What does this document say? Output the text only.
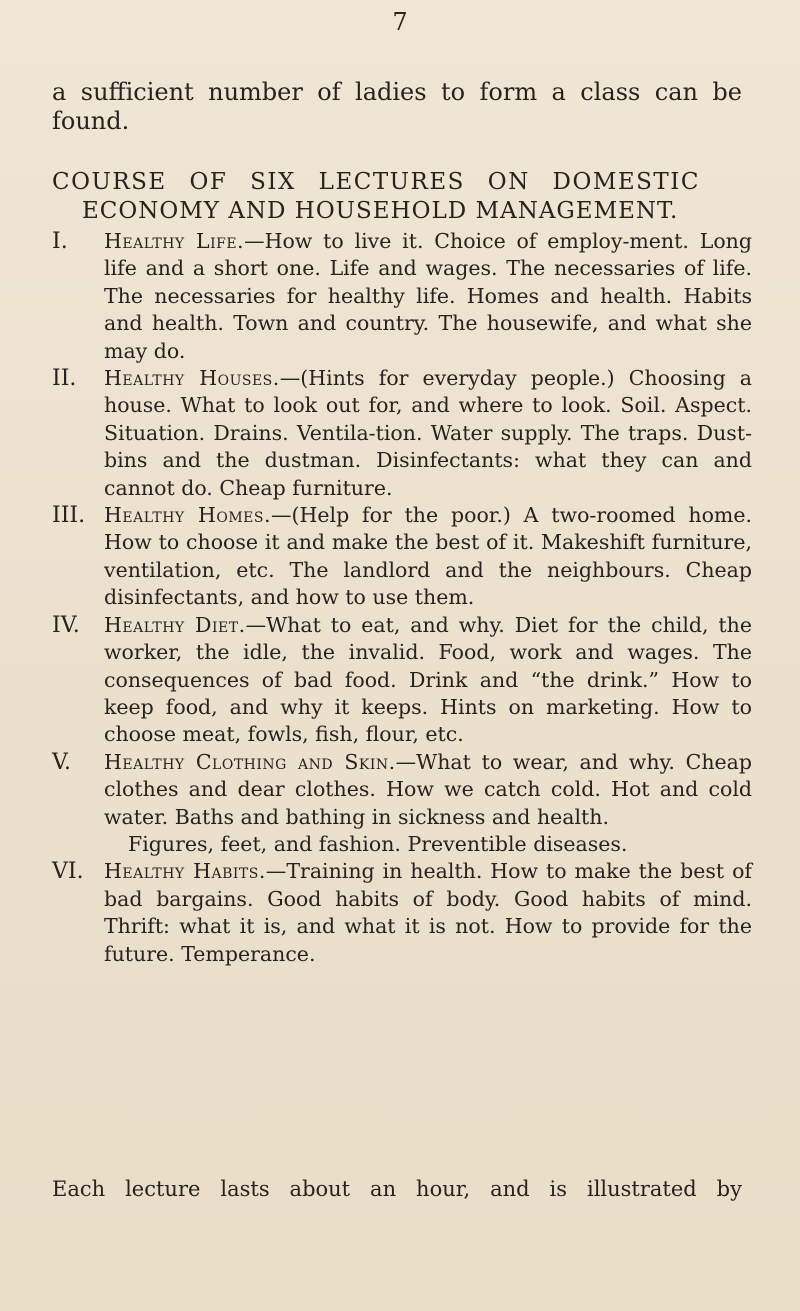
7

a sufficient number of ladies to form a class can be found.

COURSE OF SIX LECTURES ON DOMESTIC
ECONOMY AND HOUSEHOLD MANAGEMENT.

I.	Healthy Life.—How to live it. Choice of employ-ment. Long life and a short one. Life and wages. The necessaries of life. The necessaries for healthy life. Homes and health. Habits and health. Town and country. The housewife, and what she may do.

II.	Healthy Houses.—(Hints for everyday people.) Choosing a house. What to look out for, and where to look. Soil. Aspect. Situation. Drains. Ventila-tion. Water supply. The traps. Dust-bins and the dustman. Disinfectants: what they can and cannot do. Cheap furniture.

III. Healthy Homes.—(Help for the poor.) A two-roomed home. How to choose it and make the best of it. Makeshift furniture, ventilation, etc. The landlord and the neighbours. Cheap disinfectants, and how to use them.

IV.	Healthy Diet.—What to eat, and why. Diet for the child, the worker, the idle, the invalid. Food, work and wages. The consequences of bad food. Drink and “the drink.” How to keep food, and why it keeps. Hints on marketing. How to choose meat, fowls, fish, flour, etc.

V.	Healthy Clothing and Skin.—What to wear, and why. Cheap clothes and dear clothes. How we catch cold. Hot and cold water. Baths and bathing in sickness and health.
Figures, feet, and fashion. Preventible diseases.

VI. Healthy Habits.—Training in health. How to make the best of bad bargains. Good habits of body. Good habits of mind. Thrift: what it is, and what it is not. How to provide for the future. Temperance.

Each lecture lasts about an hour, and is illustrated by
